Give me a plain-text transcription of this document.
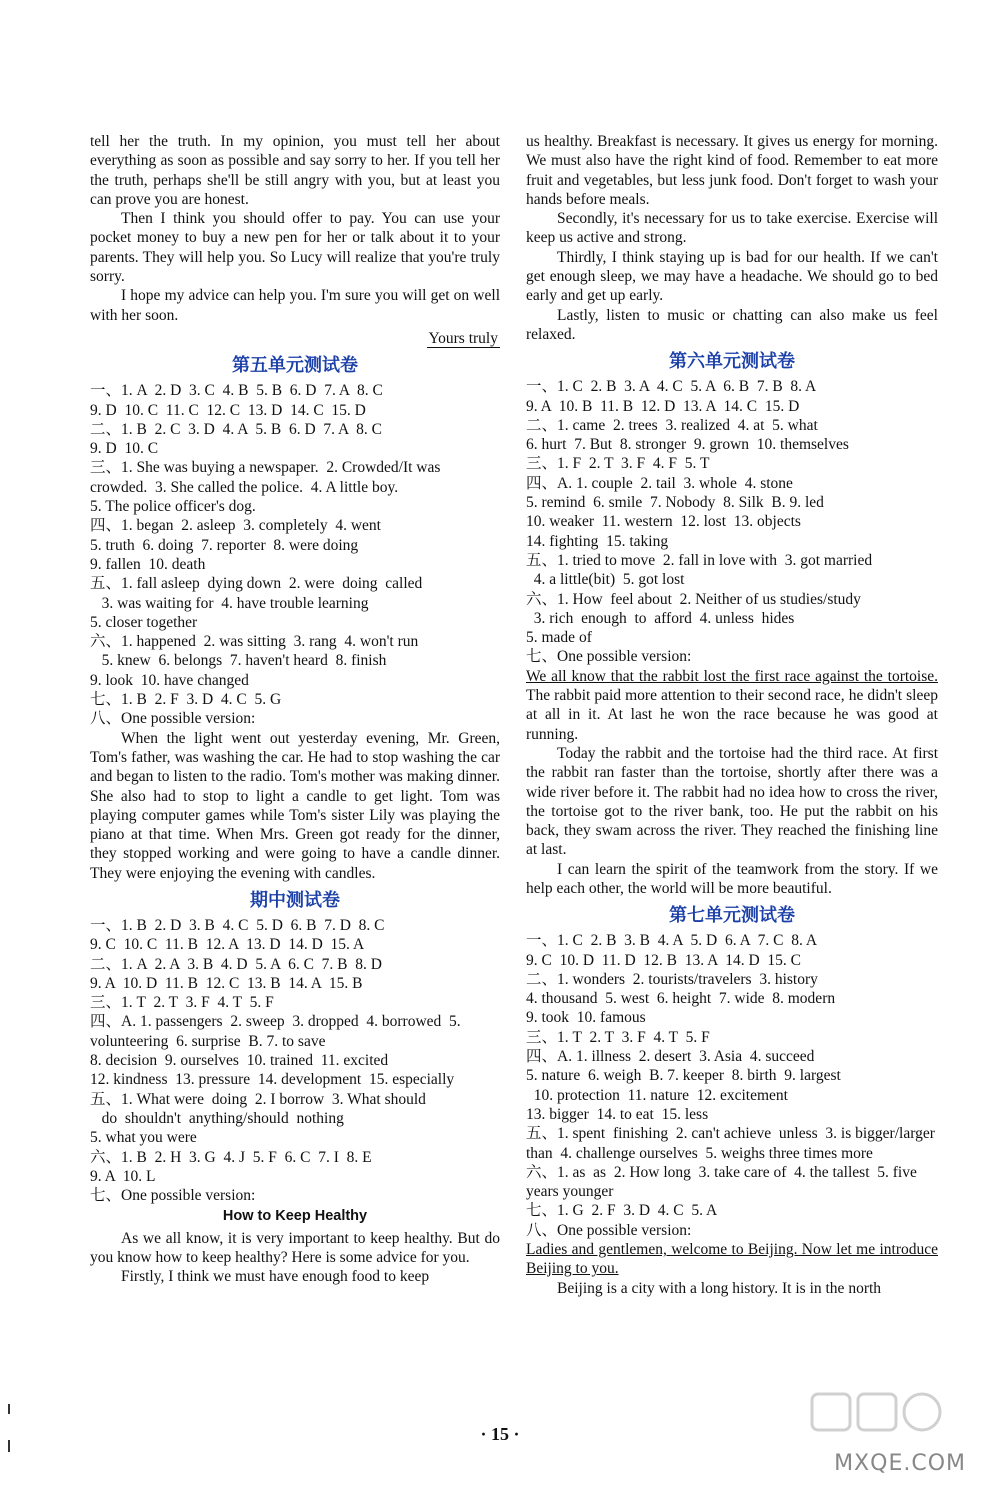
tell her the truth. In my opinion, you must tell her about everything as soon as possible and say sorry to her. If you tell her the truth, perhaps she'll be still angry with you, but at least you can prove you are honest.
Then I think you should offer to pay. You can use your pocket money to buy a new pen for her or talk about it to your parents. They will help you. So Lucy will realize that you're truly sorry.
I hope my advice can help you. I'm sure you will get on well with her soon.
Yours truly
第五单元测试卷
一、1. A  2. D  3. C  4. B  5. B  6. D  7. A  8. C
9. D  10. C  11. C  12. C  13. D  14. C  15. D
二、1. B  2. C  3. D  4. A  5. B  6. D  7. A  8. C
9. D  10. C
三、1. She was buying a newspaper.  2. Crowded/It was crowded.  3. She called the police.  4. A little boy.
5. The police officer's dog.
四、1. began  2. asleep  3. completely  4. went
5. truth  6. doing  7. reporter  8. were doing
9. fallen  10. death
五、1. fall asleep  dying down  2. were  doing  called
3. was waiting for  4. have trouble learning
5. closer together
六、1. happened  2. was sitting  3. rang  4. won't run
5. knew  6. belongs  7. haven't heard  8. finish
9. look  10. have changed
七、1. B  2. F  3. D  4. C  5. G
八、One possible version:
When the light went out yesterday evening, Mr. Green, Tom's father, was washing the car. He had to stop washing the car and began to listen to the radio. Tom's mother was making dinner. She also had to stop to light a candle to get light. Tom was playing computer games while Tom's sister Lily was playing the piano at that time. When Mrs. Green got ready for the dinner, they stopped working and were going to have a candle dinner. They were enjoying the evening with candles.
期中测试卷
一、1. B  2. D  3. B  4. C  5. D  6. B  7. D  8. C
9. C  10. C  11. B  12. A  13. D  14. D  15. A
二、1. A  2. A  3. B  4. D  5. A  6. C  7. B  8. D
9. A  10. D  11. B  12. C  13. B  14. A  15. B
三、1. T  2. T  3. F  4. T  5. F
四、A. 1. passengers  2. sweep  3. dropped  4. borrowed  5. volunteering  6. surprise  B. 7. to save
8. decision  9. ourselves  10. trained  11. excited
12. kindness  13. pressure  14. development  15. especially
五、1. What were  doing  2. I borrow  3. What should
do  shouldn't  anything/should  nothing
5. what you were
六、1. B  2. H  3. G  4. J  5. F  6. C  7. I  8. E
9. A  10. L
七、One possible version:
How to Keep Healthy
As we all know, it is very important to keep healthy. But do you know how to keep healthy? Here is some advice for you.
Firstly, I think we must have enough food to keep
us healthy. Breakfast is necessary. It gives us energy for morning. We must also have the right kind of food. Remember to eat more fruit and vegetables, but less junk food. Don't forget to wash your hands before meals.
Secondly, it's necessary for us to take exercise. Exercise will keep us active and strong.
Thirdly, I think staying up is bad for our health. If we can't get enough sleep, we may have a headache. We should go to bed early and get up early.
Lastly, listen to music or chatting can also make us feel relaxed.
第六单元测试卷
一、1. C  2. B  3. A  4. C  5. A  6. B  7. B  8. A
9. A  10. B  11. B  12. D  13. A  14. C  15. D
二、1. came  2. trees  3. realized  4. at  5. what
6. hurt  7. But  8. stronger  9. grown  10. themselves
三、1. F  2. T  3. F  4. F  5. T
四、A. 1. couple  2. tail  3. whole  4. stone
5. remind  6. smile  7. Nobody  8. Silk  B. 9. led
10. weaker  11. western  12. lost  13. objects
14. fighting  15. taking
五、1. tried to move  2. fall in love with  3. got married
4. a little(bit)  5. got lost
六、1. How  feel about  2. Neither of us studies/study
3. rich  enough  to  afford  4. unless  hides
5. made of
七、One possible version:
We all know that the rabbit lost the first race against the tortoise. The rabbit paid more attention to their second race, he didn't sleep at all in it. At last he won the race because he was good at running.
Today the rabbit and the tortoise had the third race. At first the rabbit ran faster than the tortoise, shortly after there was a wide river before it. The rabbit had no idea how to cross the river, the tortoise got to the river bank, too. He put the rabbit on his back, they swam across the river. They reached the finishing line at last.
I can learn the spirit of the teamwork from the story. If we help each other, the world will be more beautiful.
第七单元测试卷
一、1. C  2. B  3. B  4. A  5. D  6. A  7. C  8. A
9. C  10. D  11. D  12. B  13. A  14. D  15. C
二、1. wonders  2. tourists/travelers  3. history
4. thousand  5. west  6. height  7. wide  8. modern
9. took  10. famous
三、1. T  2. T  3. F  4. T  5. F
四、A. 1. illness  2. desert  3. Asia  4. succeed
5. nature  6. weigh  B. 7. keeper  8. birth  9. largest
10. protection  11. nature  12. excitement
13. bigger  14. to eat  15. less
五、1. spent  finishing  2. can't achieve  unless  3. is bigger/larger than  4. challenge ourselves  5. weighs three times more
六、1. as  as  2. How long  3. take care of  4. the tallest  5. five years younger
七、1. G  2. F  3. D  4. C  5. A
八、One possible version:
Ladies and gentlemen, welcome to Beijing. Now let me introduce Beijing to you.
Beijing is a city with a long history. It is in the north
· 15 ·
MXQE.COM
